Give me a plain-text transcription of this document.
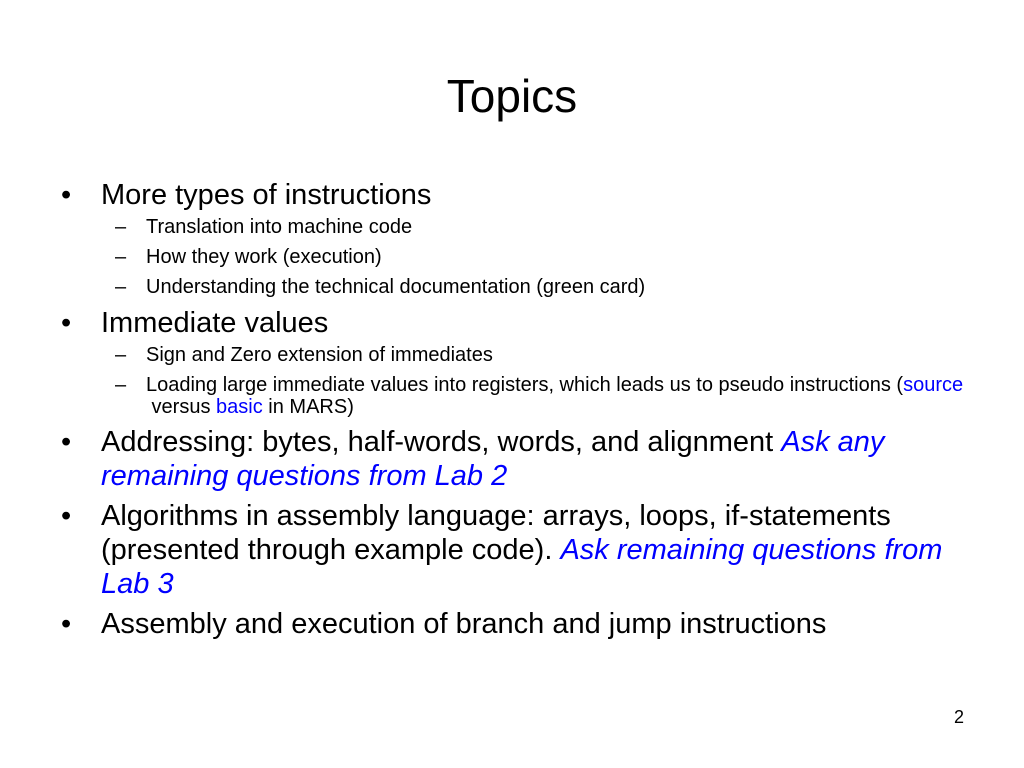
Topics
• More types of instructions
– Translation into machine code
– How they work (execution)
– Understanding the technical documentation (green card)
• Immediate values
– Sign and Zero extension of immediates
– Loading large immediate values into registers, which leads us to pseudo instructions (source versus basic in MARS)
• Addressing: bytes, half-words, words, and alignment Ask any remaining questions from Lab 2
• Algorithms in assembly language: arrays, loops, if-statements (presented through example code). Ask remaining questions from Lab 3
• Assembly and execution of branch and jump instructions
2
